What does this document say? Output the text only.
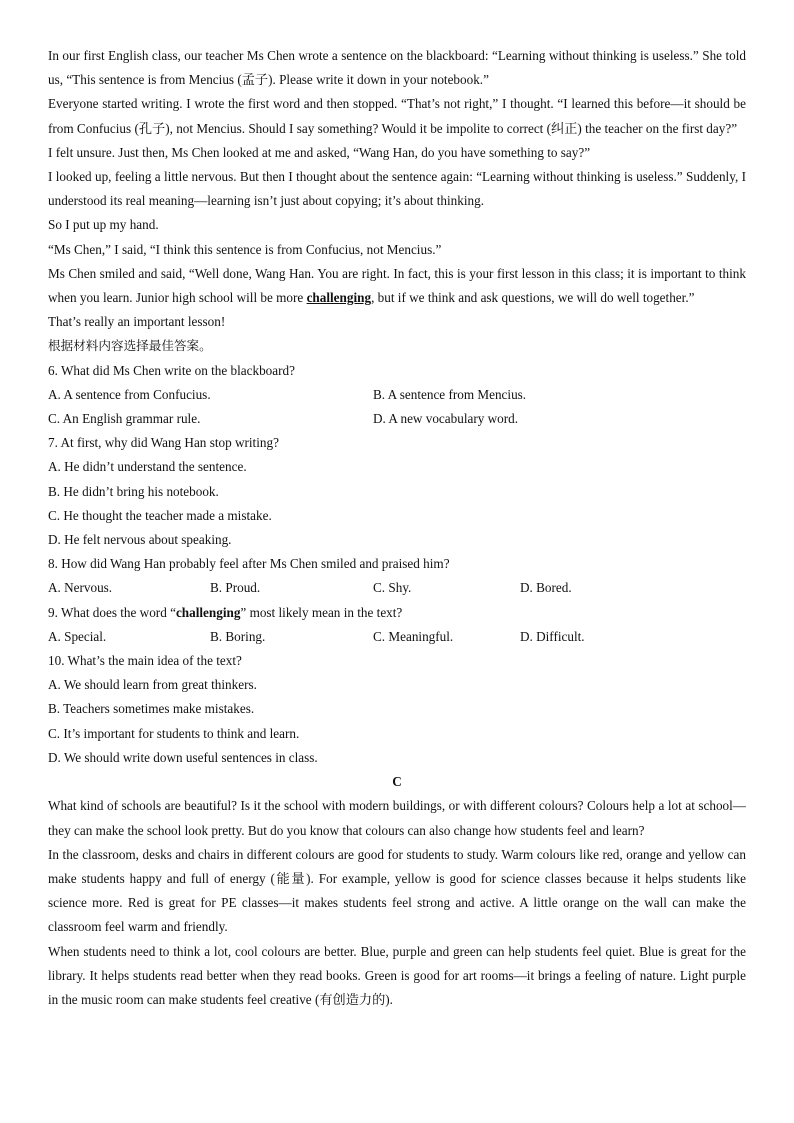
In our first English class, our teacher Ms Chen wrote a sentence on the blackboard: “Learning without thinking is useless.” She told us, “This sentence is from Mencius (孟子). Please write it down in your notebook.”

Everyone started writing. I wrote the first word and then stopped. “That’s not right,” I thought. “I learned this before—it should be from Confucius (孔子), not Mencius. Should I say something? Would it be impolite to correct (纠正) the teacher on the first day?”

I felt unsure. Just then, Ms Chen looked at me and asked, “Wang Han, do you have something to say?”

I looked up, feeling a little nervous. But then I thought about the sentence again: “Learning without thinking is useless.” Suddenly, I understood its real meaning—learning isn’t just about copying; it’s about thinking.

So I put up my hand.

“Ms Chen,” I said, “I think this sentence is from Confucius, not Mencius.”

Ms Chen smiled and said, “Well done, Wang Han. You are right. In fact, this is your first lesson in this class; it is important to think when you learn. Junior high school will be more challenging, but if we think and ask questions, we will do well together.”

That’s really an important lesson!

根据材料内容选择最佳答案。

6. What did Ms Chen write on the blackboard?

A. A sentence from Confucius.	B. A sentence from Mencius.
C. An English grammar rule.	D. A new vocabulary word.

7. At first, why did Wang Han stop writing?

A. He didn’t understand the sentence.

B. He didn’t bring his notebook.

C. He thought the teacher made a mistake.

D. He felt nervous about speaking.

8. How did Wang Han probably feel after Ms Chen smiled and praised him?

A. Nervous.	B. Proud.	C. Shy.	D. Bored.

9. What does the word “challenging” most likely mean in the text?

A. Special.	B. Boring.	C. Meaningful.	D. Difficult.

10. What’s the main idea of the text?

A. We should learn from great thinkers.

B. Teachers sometimes make mistakes.

C. It’s important for students to think and learn.

D. We should write down useful sentences in class.

C

What kind of schools are beautiful? Is it the school with modern buildings, or with different colours? Colours help a lot at school—they can make the school look pretty. But do you know that colours can also change how students feel and learn?

In the classroom, desks and chairs in different colours are good for students to study. Warm colours like red, orange and yellow can make students happy and full of energy (能量). For example, yellow is good for science classes because it helps students like science more. Red is great for PE classes—it makes students feel strong and active. A little orange on the wall can make the classroom feel warm and friendly.

When students need to think a lot, cool colours are better. Blue, purple and green can help students feel quiet. Blue is great for the library. It helps students read better when they read books. Green is good for art rooms—it brings a feeling of nature. Light purple in the music room can make students feel creative (有创造力的).
